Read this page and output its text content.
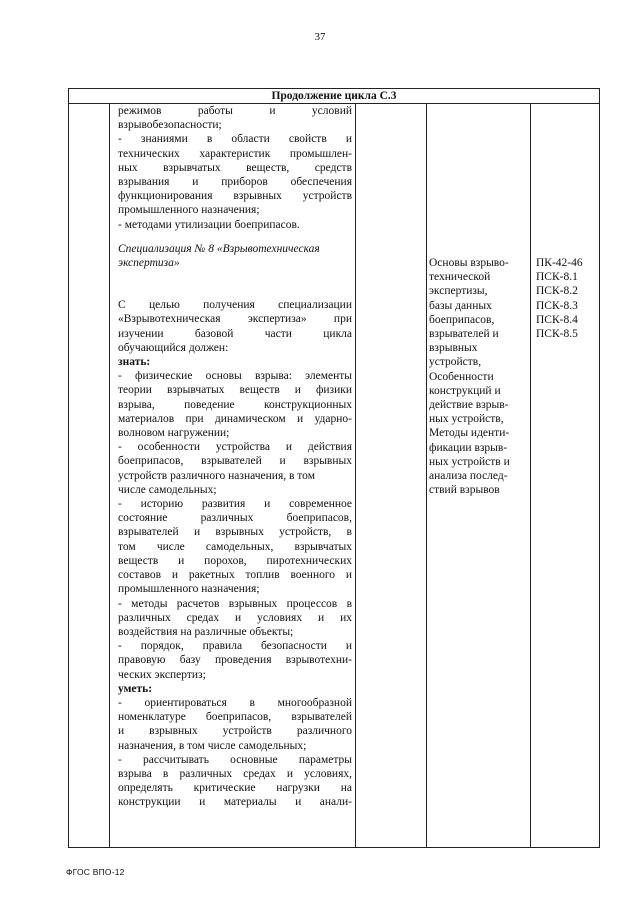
37
Продолжение цикла С.3
режимов работы и условий
взрывобезопасности;
- знаниями в области свойств и
технических характеристик промышлен-
ных взрывчатых веществ, средств
взрывания и приборов обеспечения
функционирования взрывных устройств
промышленного назначения;
- методами утилизации боеприпасов.
Специализация № 8 «Взрывотехническая
экспертиза»
С целью получения специализации
«Взрывотехническая экспертиза» при
изучении базовой части цикла
обучающийся должен:
знать:
- физические основы взрыва: элементы
теории взрывчатых веществ и физики
взрыва, поведение конструкционных
материалов при динамическом и ударно-
волновом нагружении;
- особенности устройства и действия
боеприпасов, взрывателей и взрывных
устройств различного назначения, в том
числе самодельных;
- историю развития и современное
состояние различных боеприпасов,
взрывателей и взрывных устройств, в
том числе самодельных, взрывчатых
веществ и порохов, пиротехнических
составов и ракетных топлив военного и
промышленного назначения;
- методы расчетов взрывных процессов в
различных средах и условиях и их
воздействия на различные объекты;
- порядок, правила безопасности и
правовую базу проведения взрывотехни-
ческих экспертиз;
уметь:
- ориентироваться в многообразной
номенклатуре боеприпасов, взрывателей
и взрывных устройств различного
назначения, в том числе самодельных;
- рассчитывать основные параметры
взрыва в различных средах и условиях,
определять критические нагрузки на
конструкции и материалы и анали-
Основы взрыво-
технической
экспертизы,
базы данных
боеприпасов,
взрывателей и
взрывных
устройств,
Особенности
конструкций и
действие взрыв-
ных устройств,
Методы иденти-
фикации взрыв-
ных устройств и
анализа послед-
ствий взрывов
ПК-42-46
ПСК-8.1
ПСК-8.2
ПСК-8.3
ПСК-8.4
ПСК-8.5
ФГОС ВПО-12
